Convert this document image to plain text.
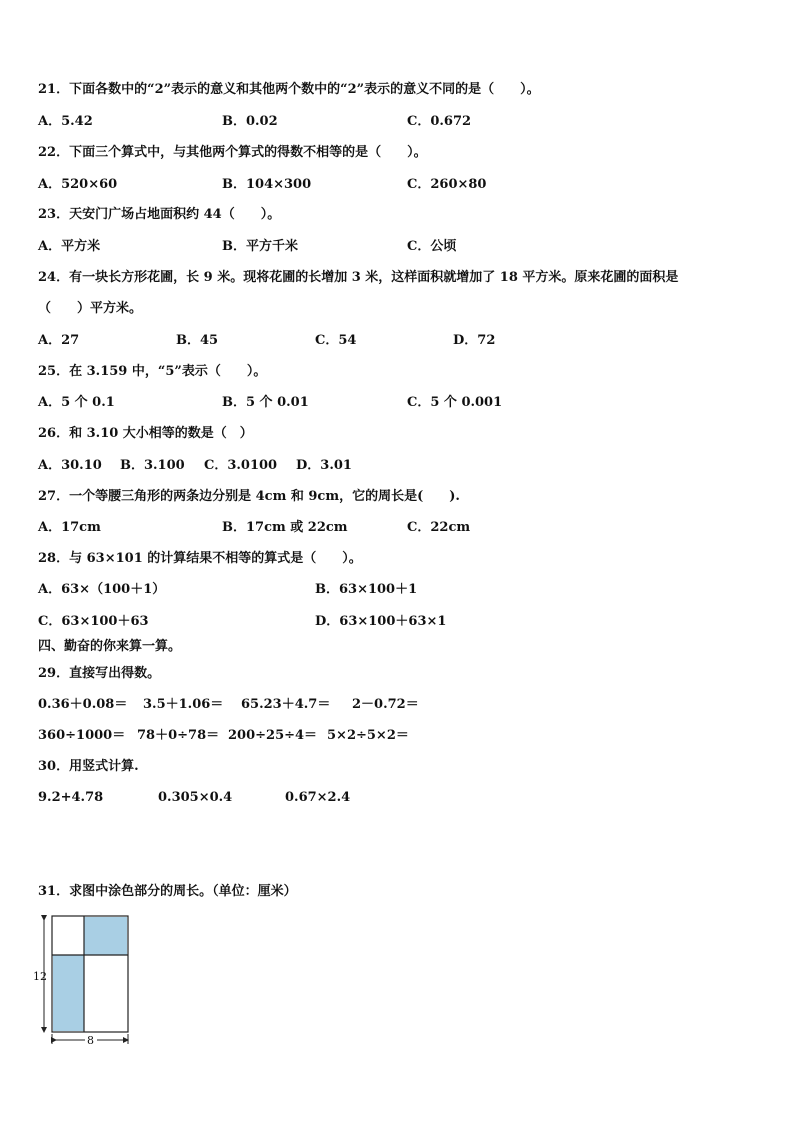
21．下面各数中的“2”表示的意义和其他两个数中的“2”表示的意义不同的是（　　）。
A．5.42	B．0.02	C．0.672
22．下面三个算式中，与其他两个算式的得数不相等的是（　　）。
A．520×60	B．104×300	C．260×80
23．天安门广场占地面积约 44（　　）。
A．平方米	B．平方千米	C．公顷
24．有一块长方形花圃，长 9 米。现将花圃的长增加 3 米，这样面积就增加了 18 平方米。原来花圃的面积是
（　　）平方米。
A．27	B．45	C．54	D．72
25．在 3.159 中，“5”表示（　　）。
A．5 个 0.1	B．5 个 0.01	C．5 个 0.001
26．和 3.10 大小相等的数是（　）
A．30.10 B．3.100 C．3.0100 D．3.01
27．一个等腰三角形的两条边分别是 4cm 和 9cm，它的周长是(　　).
A．17cm	B．17cm 或 22cm	C．22cm
28．与 63×101 的计算结果不相等的算式是（　　）。
A．63×（100＋1）	B．63×100＋1
C．63×100＋63	D．63×100＋63×1
四、勤奋的你来算一算。
29．直接写出得数。
0.36＋0.08＝ 3.5＋1.06＝ 65.23＋4.7＝ 2－0.72＝
360÷1000＝ 78＋0÷78＝ 200÷25÷4＝ 5×2÷5×2＝
30．用竖式计算.
9.2+4.78	0.305×0.4	0.67×2.4
31．求图中涂色部分的周长。（单位：厘米）
12
8
